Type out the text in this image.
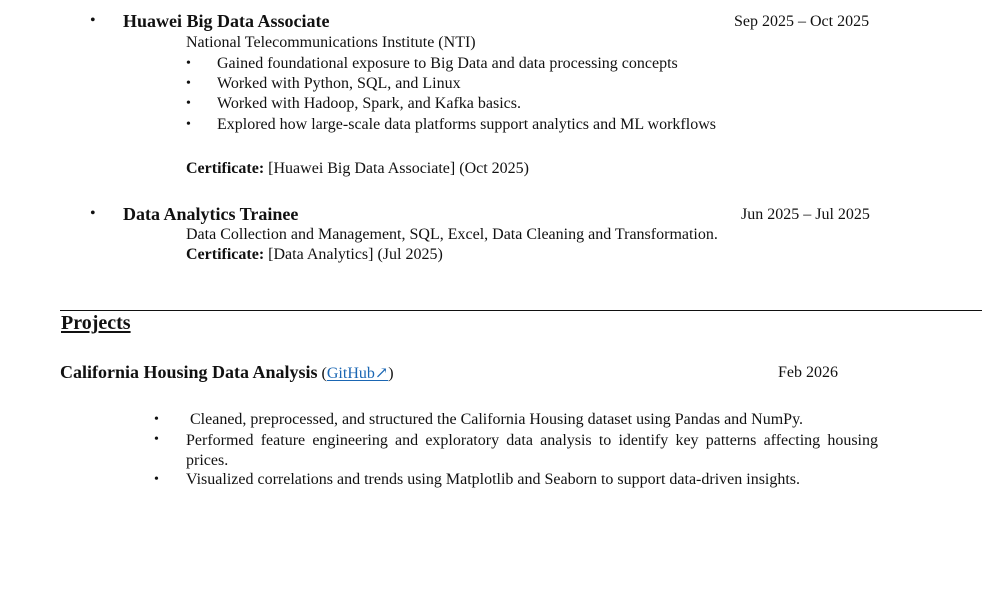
• Huawei Big Data Associate	Sep 2025 – Oct 2025
National Telecommunications Institute (NTI)
• Gained foundational exposure to Big Data and data processing concepts
• Worked with Python, SQL, and Linux
• Worked with Hadoop, Spark, and Kafka basics.
• Explored how large-scale data platforms support analytics and ML workflows
Certificate: [Huawei Big Data Associate] (Oct 2025)
• Data Analytics Trainee	Jun 2025 – Jul 2025
Data Collection and Management, SQL, Excel, Data Cleaning and Transformation.
Certificate: [Data Analytics] (Jul 2025)
Projects
California Housing Data Analysis (GitHub↗)	Feb 2026
• Cleaned, preprocessed, and structured the California Housing dataset using Pandas and NumPy.
• Performed feature engineering and exploratory data analysis to identify key patterns affecting housing prices.
• Visualized correlations and trends using Matplotlib and Seaborn to support data-driven insights.
